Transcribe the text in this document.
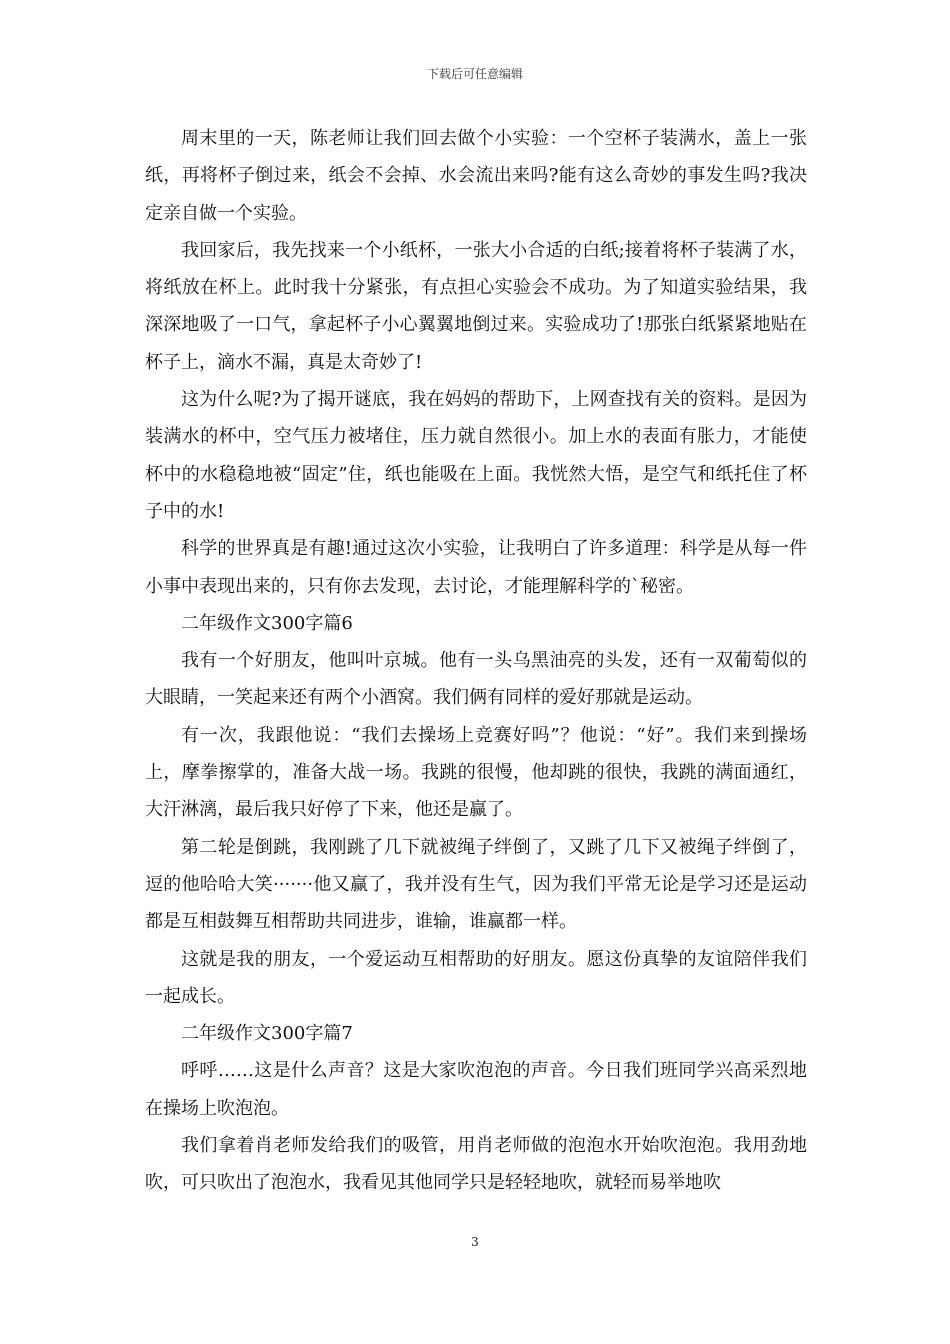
下载后可任意编辑

周末里的一天，陈老师让我们回去做个小实验：一个空杯子装满水，盖上一张纸，再将杯子倒过来，纸会不会掉、水会流出来吗?能有这么奇妙的事发生吗?我决定亲自做一个实验。

我回家后，我先找来一个小纸杯，一张大小合适的白纸;接着将杯子装满了水，将纸放在杯上。此时我十分紧张，有点担心实验会不成功。为了知道实验结果，我深深地吸了一口气，拿起杯子小心翼翼地倒过来。实验成功了!那张白纸紧紧地贴在杯子上，滴水不漏，真是太奇妙了!

这为什么呢?为了揭开谜底，我在妈妈的帮助下，上网查找有关的资料。是因为装满水的杯中，空气压力被堵住，压力就自然很小。加上水的表面有胀力，才能使杯中的水稳稳地被“固定”住，纸也能吸在上面。我恍然大悟，是空气和纸托住了杯子中的水!

科学的世界真是有趣!通过这次小实验，让我明白了许多道理：科学是从每一件小事中表现出来的，只有你去发现，去讨论，才能理解科学的`秘密。

二年级作文300字篇6

我有一个好朋友，他叫叶京城。他有一头乌黑油亮的头发，还有一双葡萄似的大眼睛，一笑起来还有两个小酒窝。我们俩有同样的爱好那就是运动。

有一次，我跟他说：“我们去操场上竞赛好吗”？他说：“好”。我们来到操场上，摩拳擦掌的，准备大战一场。我跳的很慢，他却跳的很快，我跳的满面通红，大汗淋漓，最后我只好停了下来，他还是赢了。

第二轮是倒跳，我刚跳了几下就被绳子绊倒了，又跳了几下又被绳子绊倒了，逗的他哈哈大笑·······他又赢了，我并没有生气，因为我们平常无论是学习还是运动都是互相鼓舞互相帮助共同进步，谁输，谁赢都一样。

这就是我的朋友，一个爱运动互相帮助的好朋友。愿这份真挚的友谊陪伴我们一起成长。

二年级作文300字篇7

呼呼……这是什么声音？这是大家吹泡泡的声音。今日我们班同学兴高采烈地在操场上吹泡泡。

我们拿着肖老师发给我们的吸管，用肖老师做的泡泡水开始吹泡泡。我用劲地吹，可只吹出了泡泡水，我看见其他同学只是轻轻地吹，就轻而易举地吹

3
